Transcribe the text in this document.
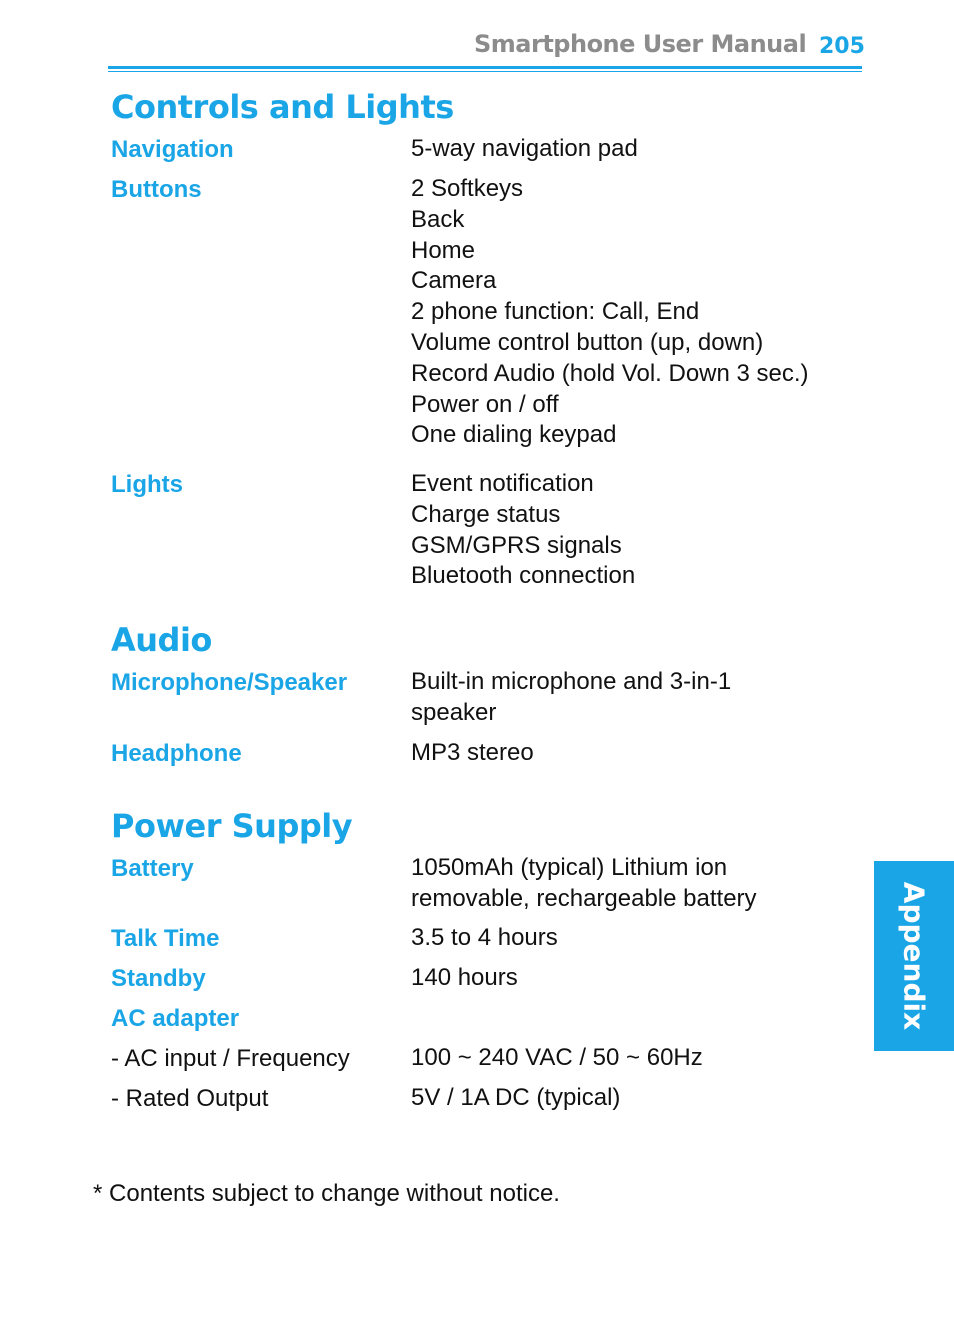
Smartphone User Manual 205
Controls and Lights
Navigation	5-way navigation pad
Buttons	2 Softkeys
Back
Home
Camera
2 phone function: Call, End
Volume control button (up, down)
Record Audio (hold Vol. Down 3 sec.)
Power on / off
One dialing keypad
Lights	Event notification
Charge status
GSM/GPRS signals
Bluetooth connection
Audio
Microphone/Speaker	Built-in microphone and 3-in-1
speaker
Headphone	MP3 stereo
Power Supply
Battery	1050mAh (typical) Lithium ion
removable, rechargeable battery
Talk Time	3.5 to 4 hours
Standby	140 hours
AC adapter
- AC input / Frequency	100 ~ 240 VAC / 50 ~ 60Hz
- Rated Output	5V / 1A DC (typical)
* Contents subject to change without notice.
Appendix
